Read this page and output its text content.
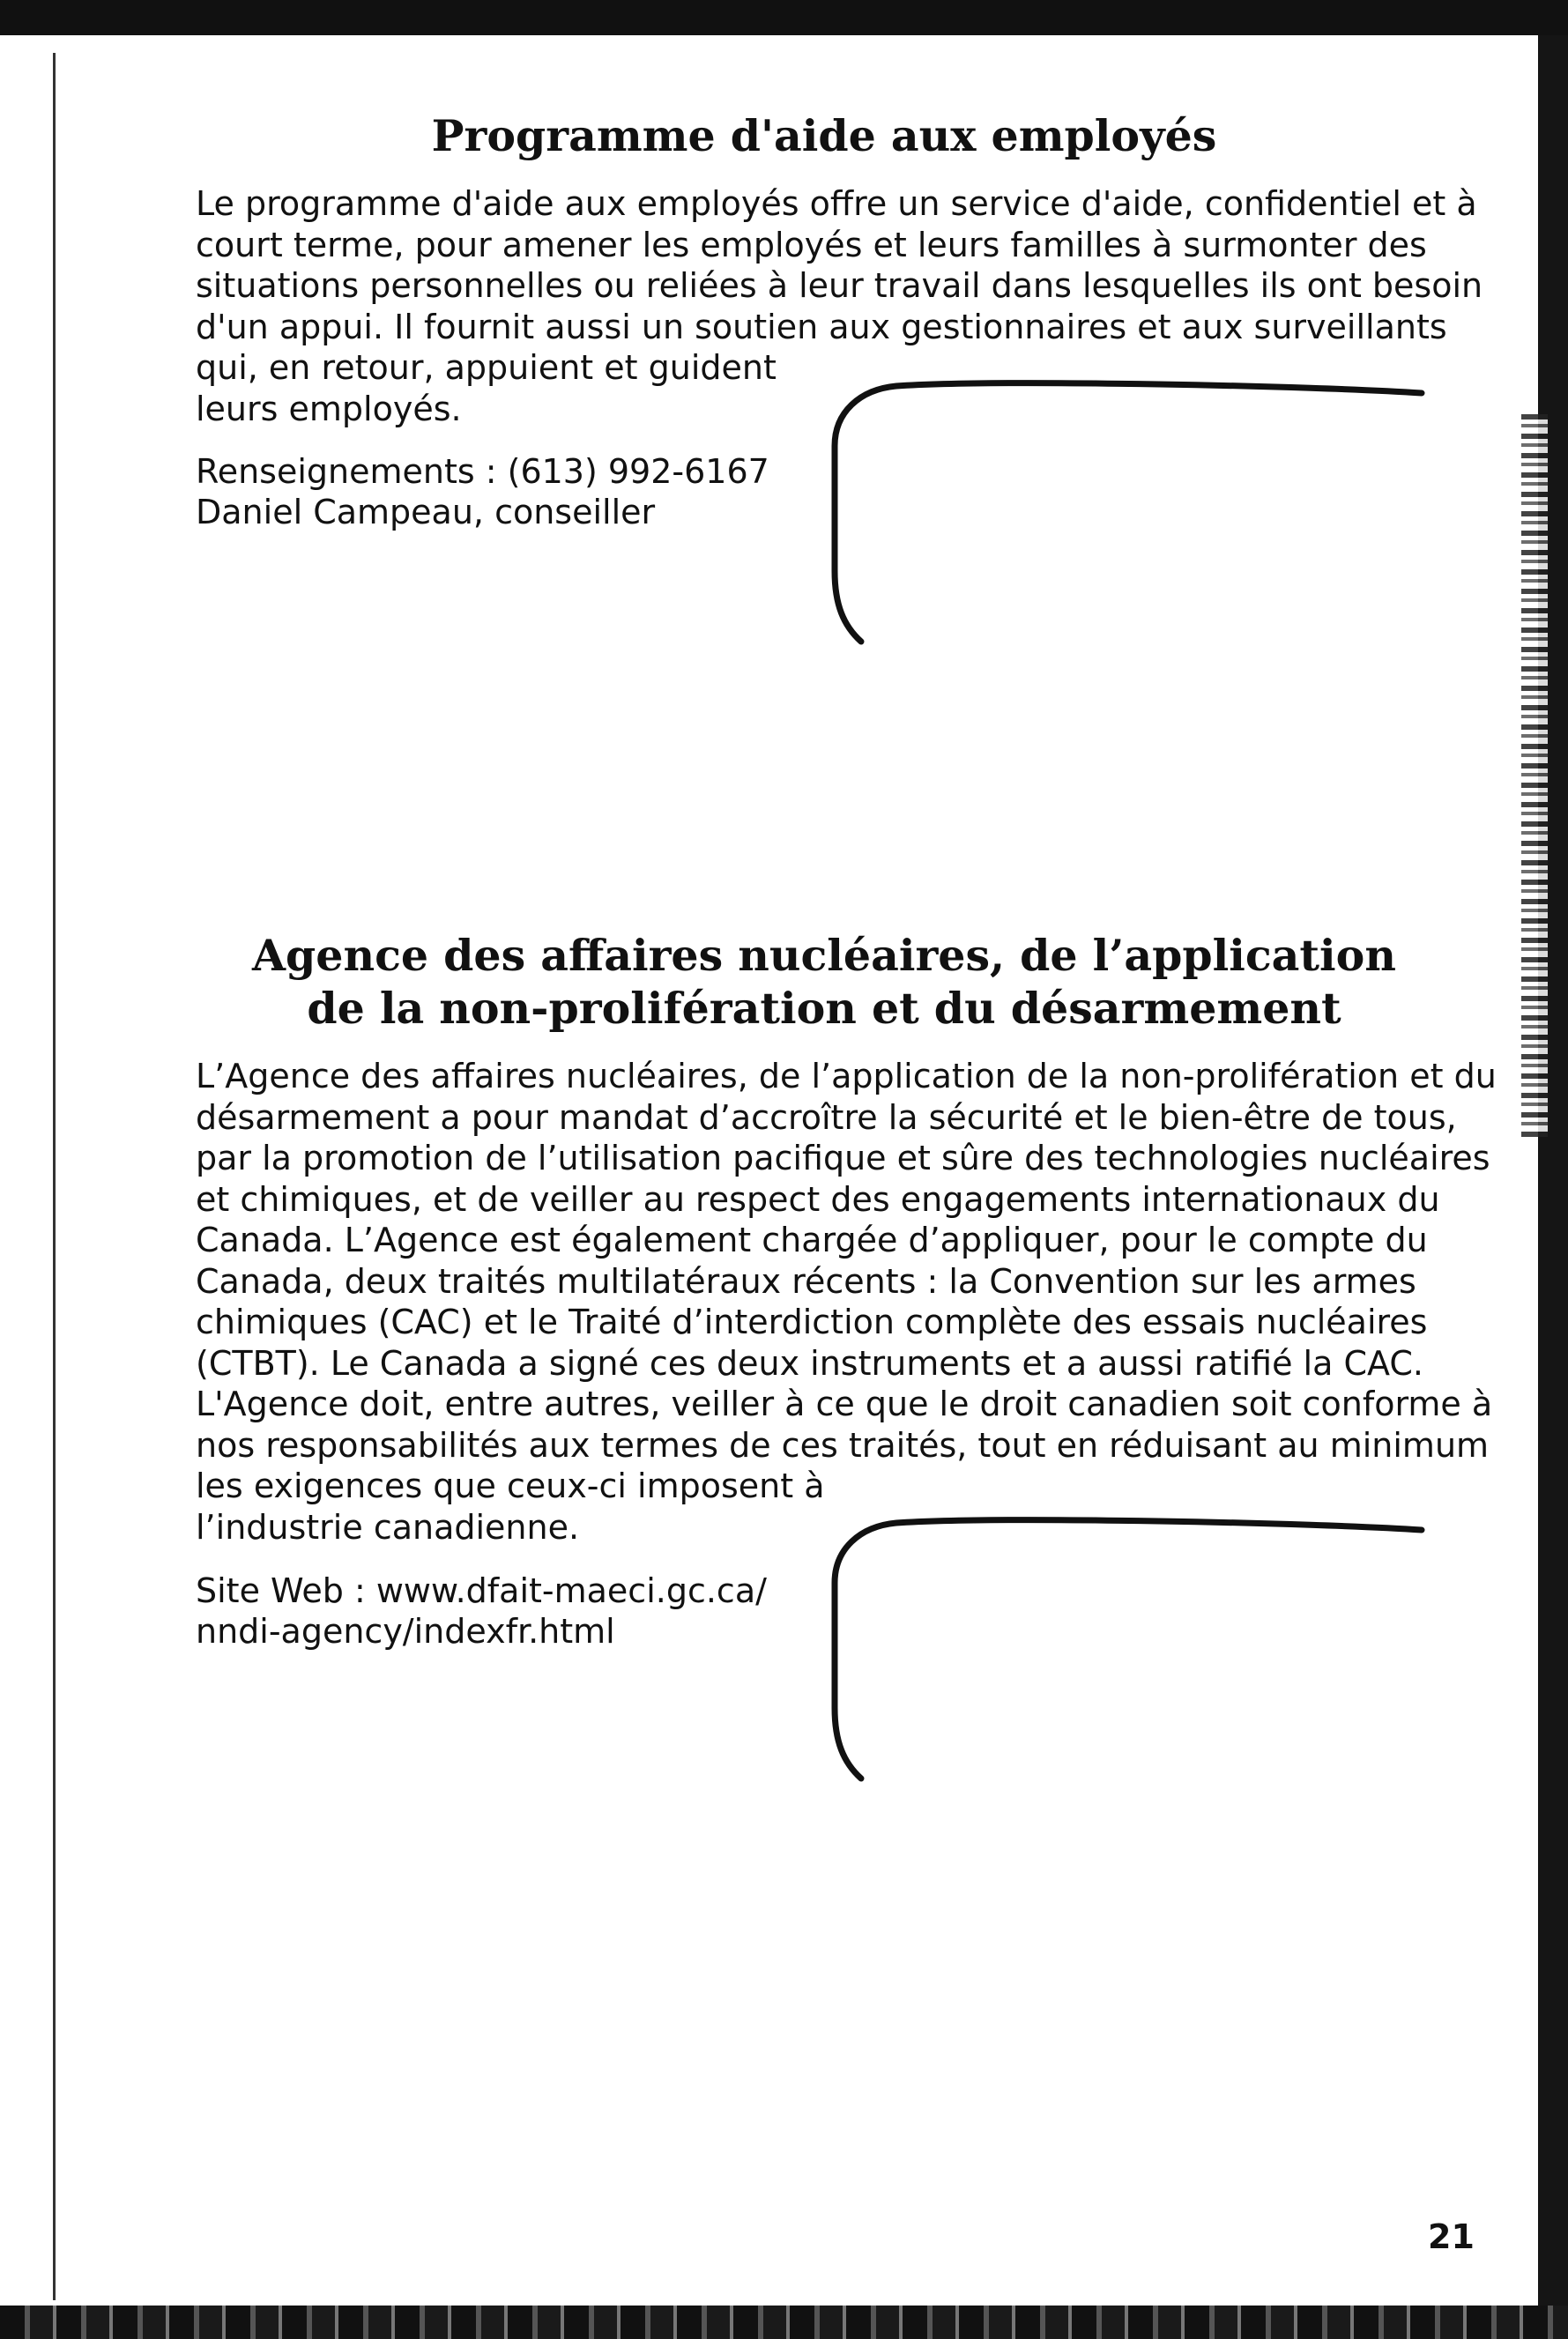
Programme d'aide aux employés

Le programme d'aide aux employés offre un service d'aide, confidentiel et à
court terme, pour amener les employés et leurs familles à surmonter des
situations personnelles ou reliées à leur travail dans lesquelles ils ont besoin
d'un appui. Il fournit aussi un soutien aux gestionnaires et aux surveillants
qui, en retour, appuient et guident
leurs employés.

Renseignements : (613) 992-6167
Daniel Campeau, conseiller

Agence des affaires nucléaires, de l’application
de la non-prolifération et du désarmement

L’Agence des affaires nucléaires, de l’application de la non-prolifération et du
désarmement a pour mandat d’accroître la sécurité et le bien-être de tous,
par la promotion de l’utilisation pacifique et sûre des technologies nucléaires
et chimiques, et de veiller au respect des engagements internationaux du
Canada. L’Agence est également chargée d’appliquer, pour le compte du
Canada, deux traités multilatéraux récents : la Convention sur les armes
chimiques (CAC) et le Traité d’interdiction complète des essais nucléaires
(CTBT). Le Canada a signé ces deux instruments et a aussi ratifié la CAC.
L'Agence doit, entre autres, veiller à ce que le droit canadien soit conforme à
nos responsabilités aux termes de ces traités, tout en réduisant au minimum
les exigences que ceux-ci imposent à
l’industrie canadienne.

Site Web : www.dfait-maeci.gc.ca/
nndi-agency/indexfr.html

21
